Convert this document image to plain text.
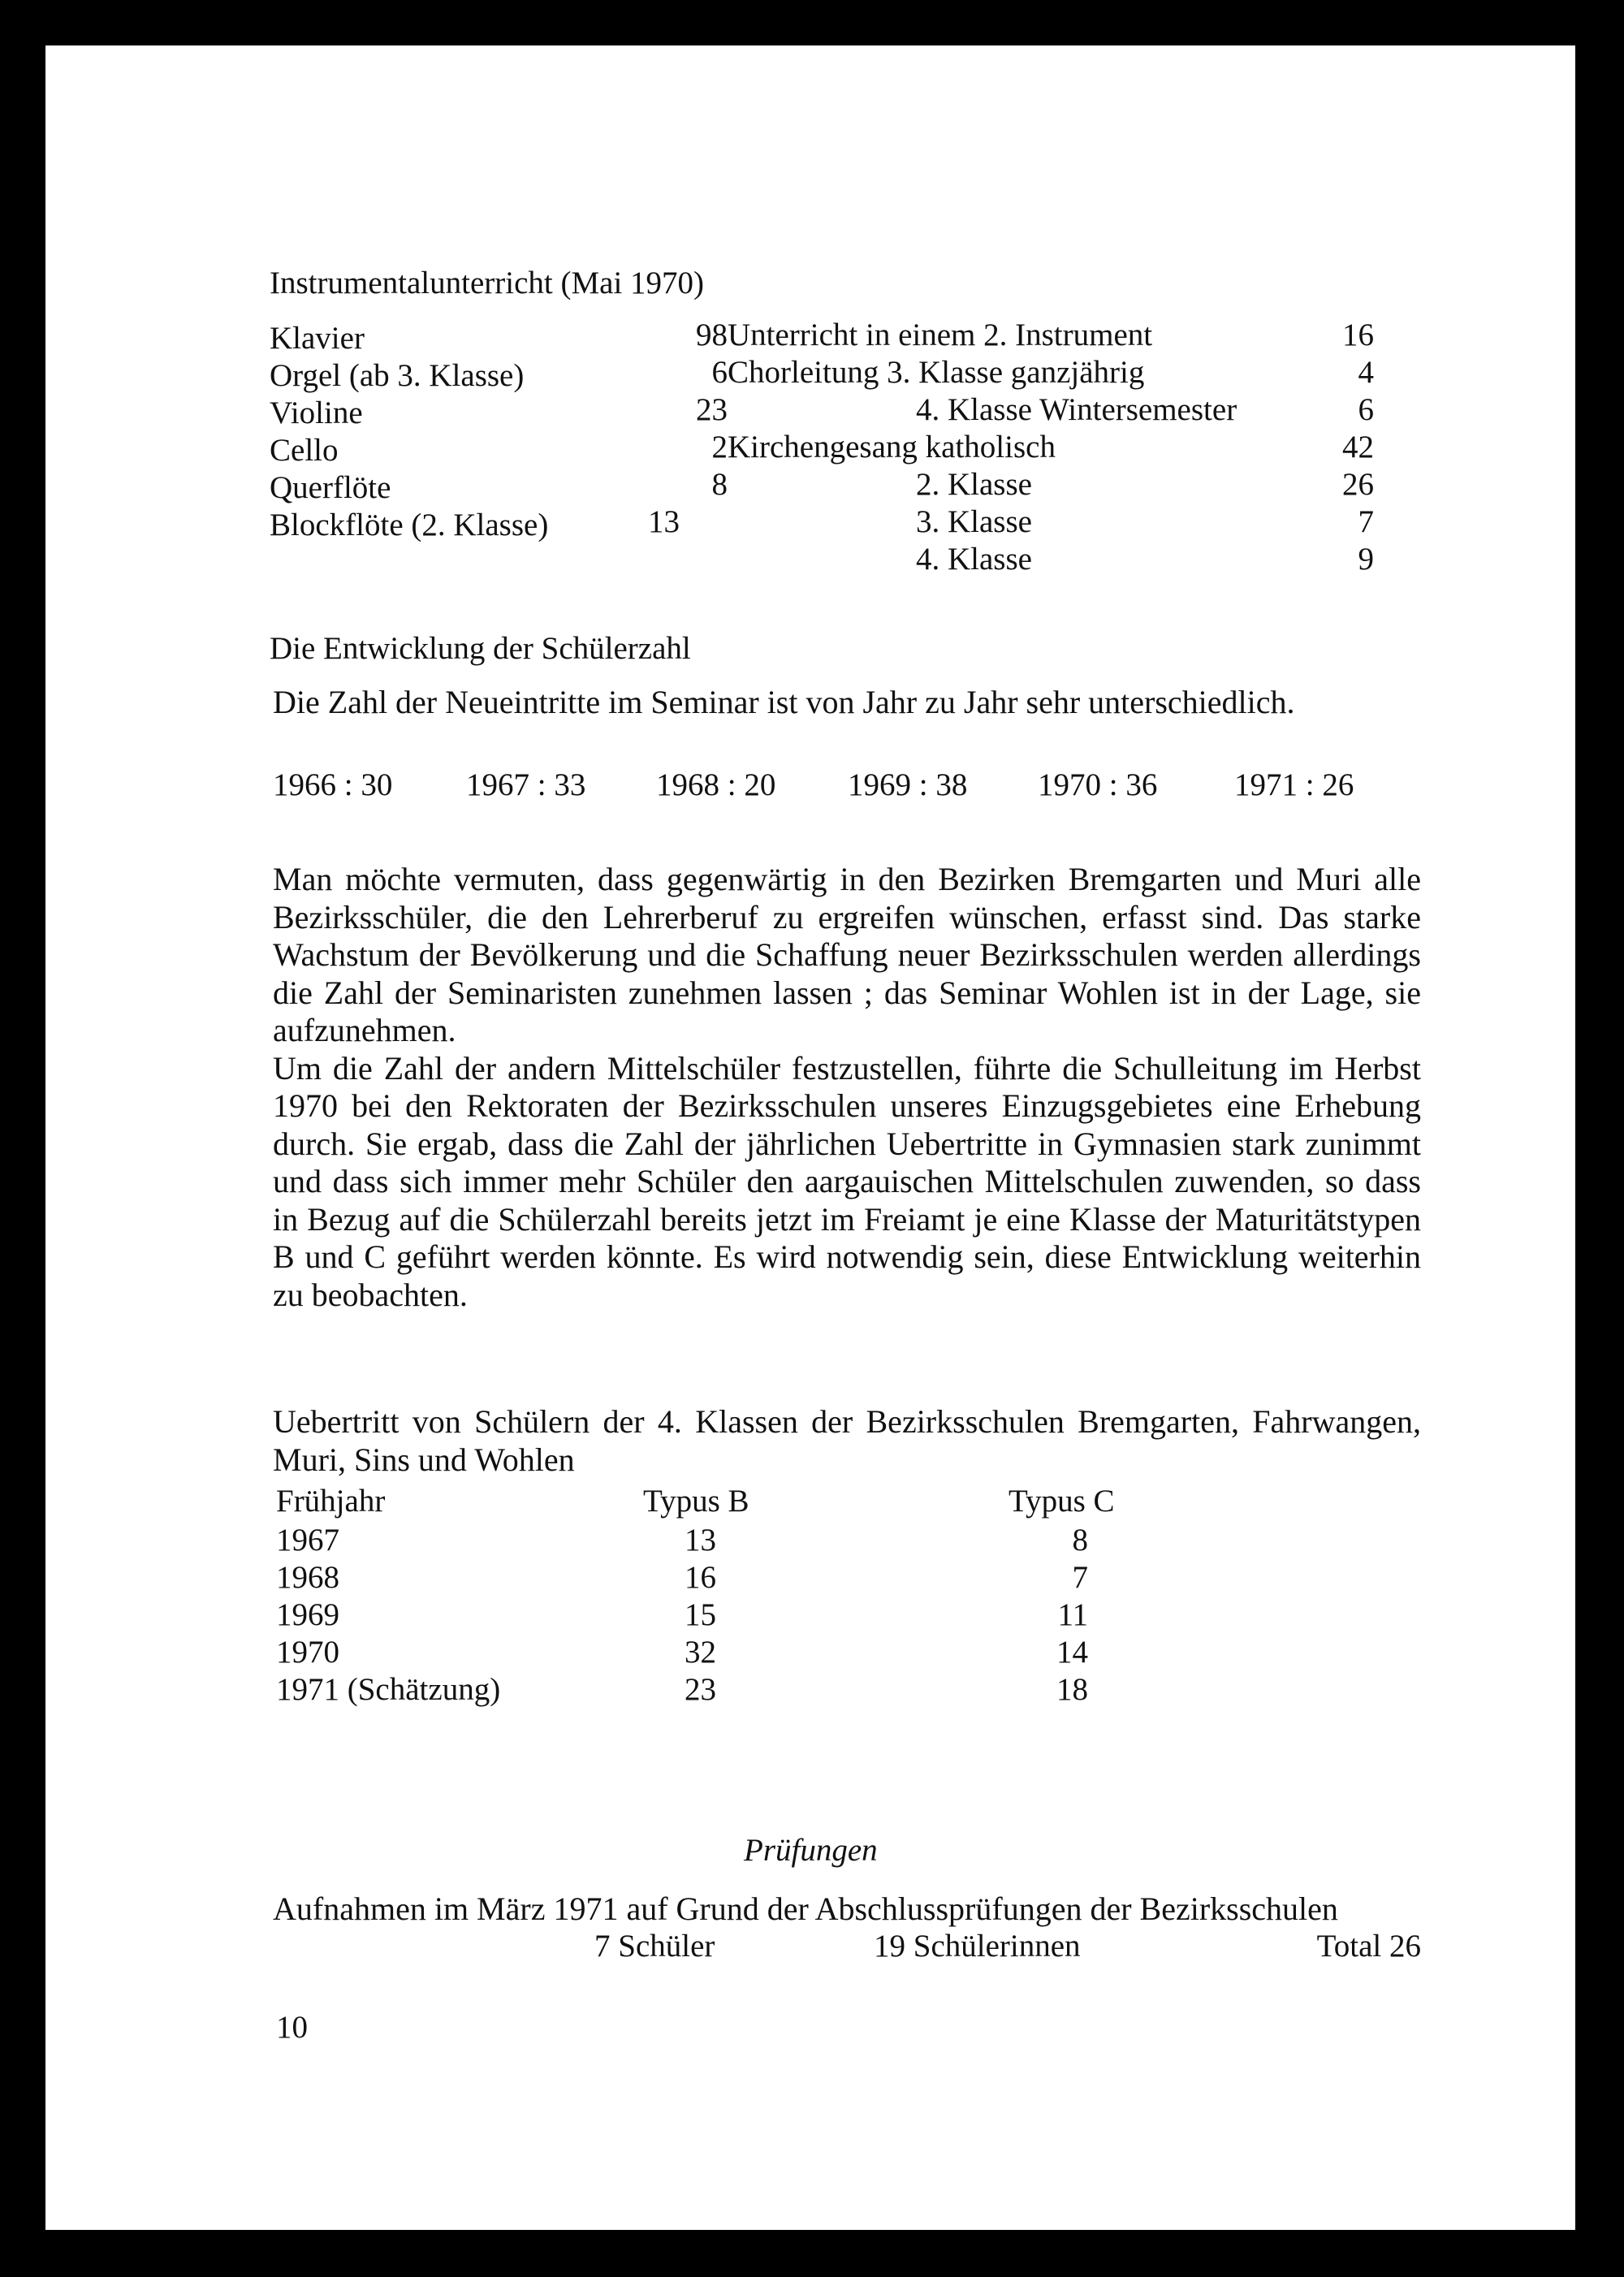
Instrumentalunterricht (Mai 1970)
Klavier	98
Orgel (ab 3. Klasse)	6
Violine	23
Cello	2
Querflöte	8
Blockflöte (2. Klasse)	13
Unterricht in einem 2. Instrument	16
Chorleitung 3. Klasse ganzjährig	4
4. Klasse Wintersemester	6
Kirchengesang katholisch	42
2. Klasse	26
3. Klasse	7
4. Klasse	9
Die Entwicklung der Schülerzahl
Die Zahl der Neueintritte im Seminar ist von Jahr zu Jahr sehr unterschiedlich.
1966 : 30 1967 : 33 1968 : 20 1969 : 38 1970 : 36 1971 : 26

Man möchte vermuten, dass gegenwärtig in den Bezirken Bremgarten und Muri alle Bezirksschüler, die den Lehrerberuf zu ergreifen wünschen, erfasst sind. Das starke Wachstum der Bevölkerung und die Schaffung neuer Bezirksschulen werden allerdings die Zahl der Seminaristen zunehmen lassen ; das Seminar Wohlen ist in der Lage, sie aufzunehmen.

Um die Zahl der andern Mittelschüler festzustellen, führte die Schulleitung im Herbst 1970 bei den Rektoraten der Bezirksschulen unseres Einzugsgebietes eine Erhebung durch. Sie ergab, dass die Zahl der jährlichen Uebertritte in Gymnasien stark zunimmt und dass sich immer mehr Schüler den aargauischen Mittelschulen zuwenden, so dass in Bezug auf die Schülerzahl bereits jetzt im Freiamt je eine Klasse der Maturitätstypen B und C geführt werden könnte. Es wird notwendig sein, diese Entwicklung weiterhin zu beobachten.

Uebertritt von Schülern der 4. Klassen der Bezirksschulen Bremgarten, Fahrwangen, Muri, Sins und Wohlen
Frühjahr	Typus B	Typus C
1967	13	8
1968	16	7
1969	15	11
1970	32	14
1971 (Schätzung)	23	18
Prüfungen
Aufnahmen im März 1971 auf Grund der Abschlussprüfungen der Bezirksschulen
7 Schüler	19 Schülerinnen	Total 26
10
